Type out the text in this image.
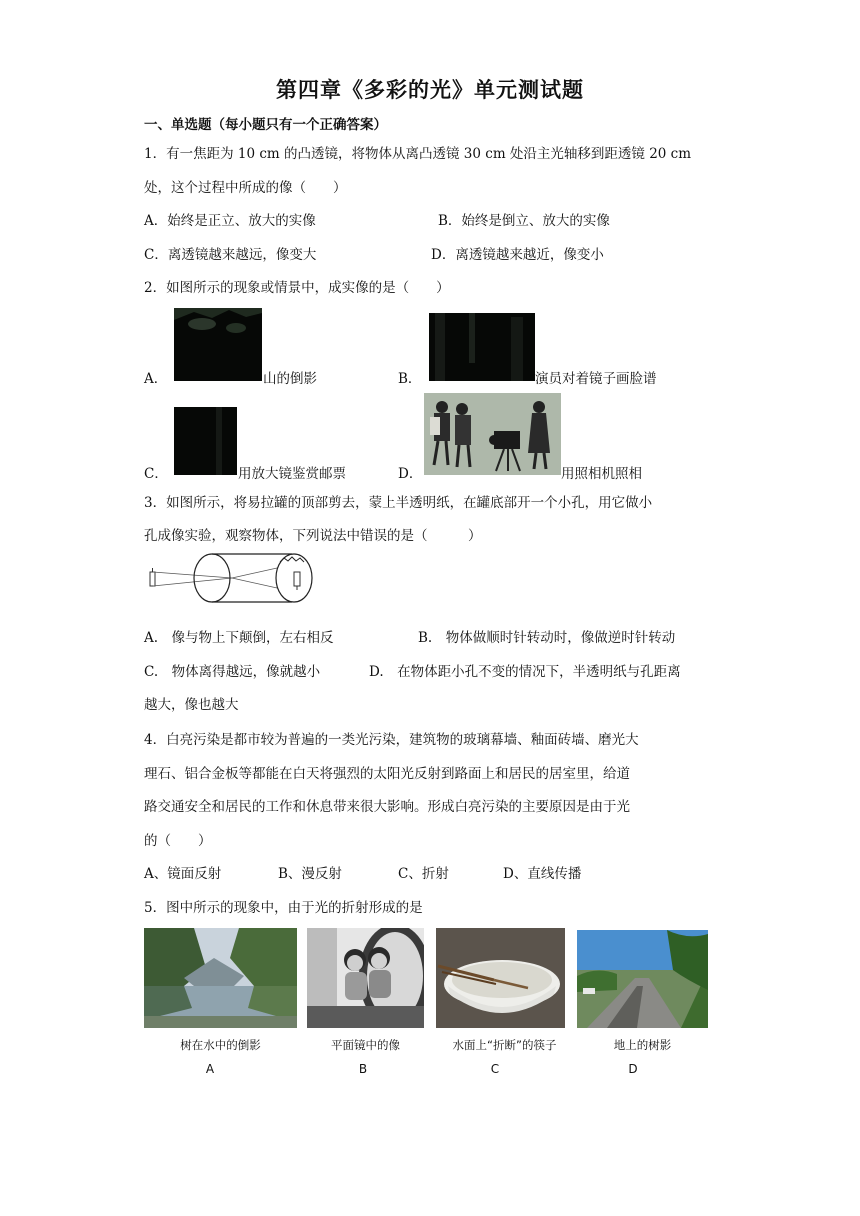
第四章《多彩的光》单元测试题
一、单选题（每小题只有一个正确答案）
1．有一焦距为 10 cm 的凸透镜，将物体从离凸透镜 30 cm 处沿主光轴移到距透镜 20 cm
处，这个过程中所成的像（　　）
A．始终是正立、放大的实像	B．始终是倒立、放大的实像
C．离透镜越来越远，像变大	D．离透镜越来越近，像变小
2．如图所示的现象或情景中，成实像的是（　　）
A．	山的倒影	B．	演员对着镜子画脸谱
C．	用放大镜鉴赏邮票	D．	用照相机照相
3．如图所示，将易拉罐的顶部剪去，蒙上半透明纸，在罐底部开一个小孔，用它做小
孔成像实验，观察物体，下列说法中错误的是（　　　）
A.　像与物上下颠倒，左右相反	B.　物体做顺时针转动时，像做逆时针转动
C.　物体离得越远，像就越小	D.　在物体距小孔不变的情况下，半透明纸与孔距离
越大，像也越大
4．白亮污染是都市较为普遍的一类光污染，建筑物的玻璃幕墙、釉面砖墙、磨光大
理石、铝合金板等都能在白天将强烈的太阳光反射到路面上和居民的居室里，给道
路交通安全和居民的工作和休息带来很大影响。形成白亮污染的主要原因是由于光
的（　　）
A、镜面反射	B、漫反射	C、折射	D、直线传播
5．图中所示的现象中，由于光的折射形成的是
树在水中的倒影	平面镜中的像	水面上“折断”的筷子	地上的树影
A	B	C	D
